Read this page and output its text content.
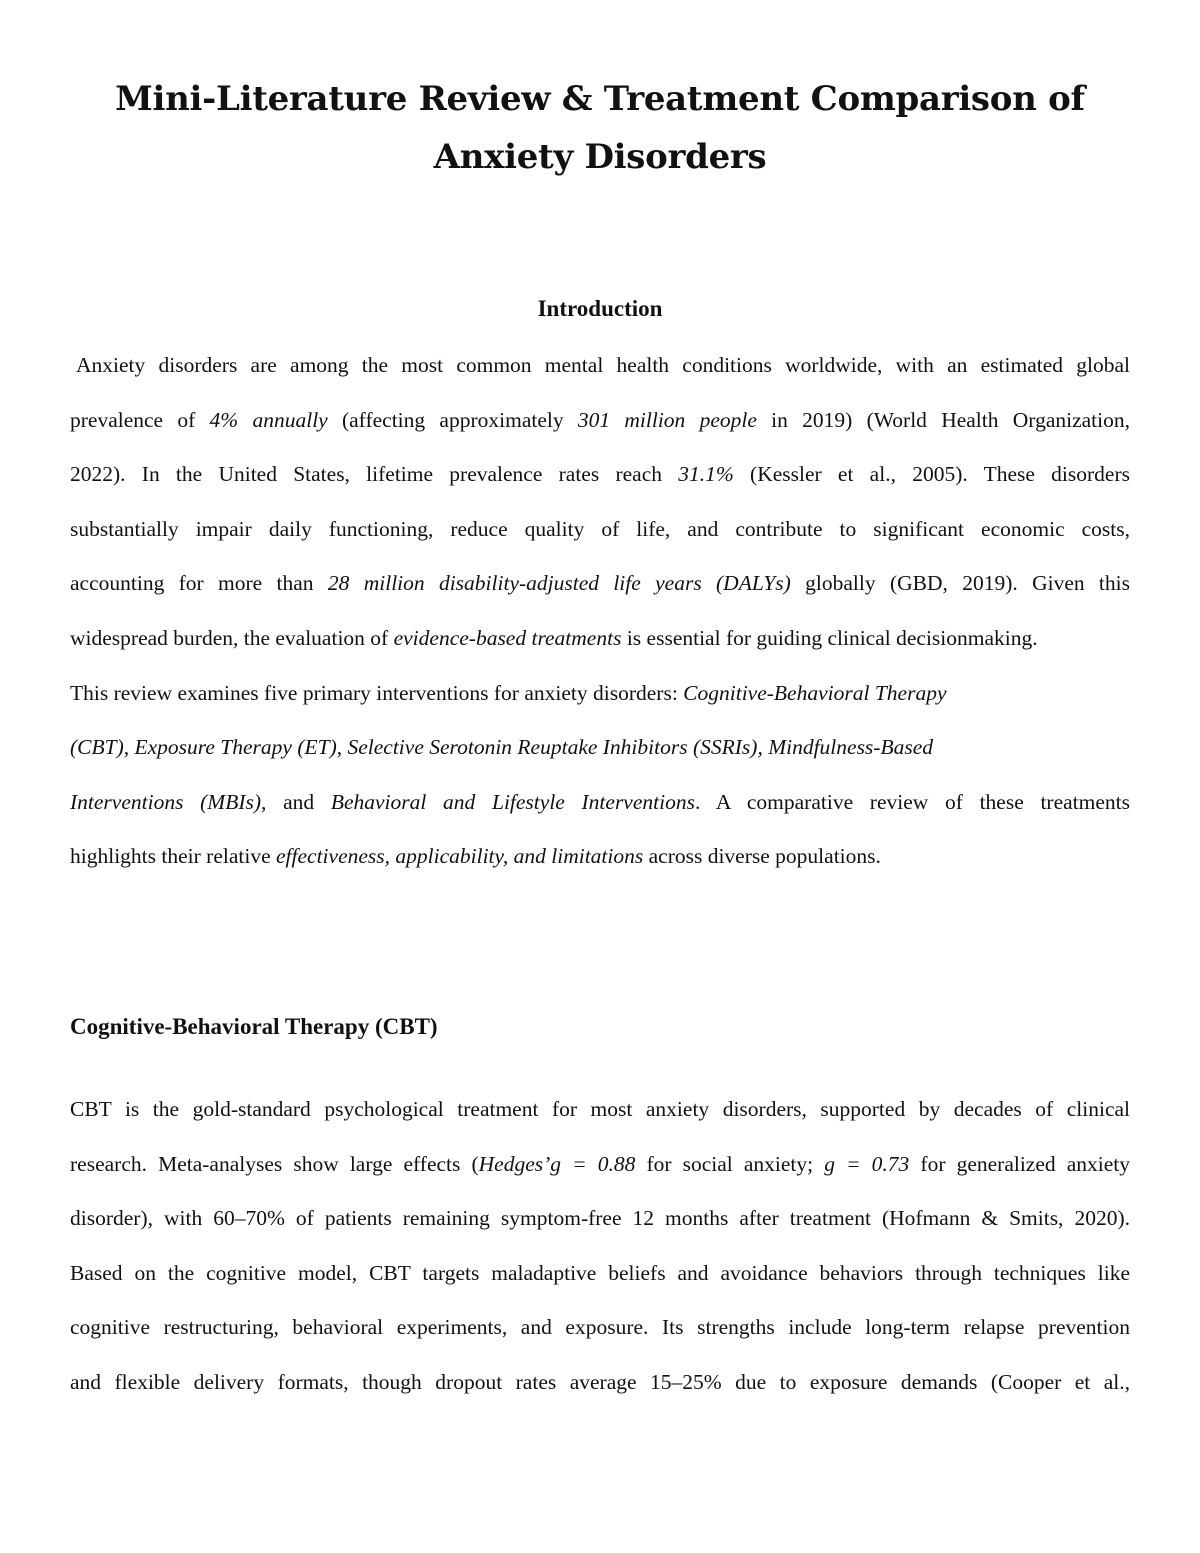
Mini-Literature Review & Treatment Comparison of Anxiety Disorders
Introduction
Anxiety disorders are among the most common mental health conditions worldwide, with an estimated global
prevalence of 4% annually (affecting approximately 301 million people in 2019) (World Health Organization,
2022). In the United States, lifetime prevalence rates reach 31.1% (Kessler et al., 2005). These disorders
substantially impair daily functioning, reduce quality of life, and contribute to significant economic costs,
accounting for more than 28 million disability-adjusted life years (DALYs) globally (GBD, 2019). Given this
widespread burden, the evaluation of evidence-based treatments is essential for guiding clinical decisionmaking.
This review examines five primary interventions for anxiety disorders: Cognitive-Behavioral Therapy
(CBT), Exposure Therapy (ET), Selective Serotonin Reuptake Inhibitors (SSRIs), Mindfulness-Based
Interventions (MBIs), and Behavioral and Lifestyle Interventions. A comparative review of these treatments
highlights their relative effectiveness, applicability, and limitations across diverse populations.
Cognitive-Behavioral Therapy (CBT)
CBT is the gold-standard psychological treatment for most anxiety disorders, supported by decades of clinical
research. Meta-analyses show large effects (Hedges’g = 0.88 for social anxiety; g = 0.73 for generalized anxiety
disorder), with 60–70% of patients remaining symptom-free 12 months after treatment (Hofmann & Smits, 2020).
Based on the cognitive model, CBT targets maladaptive beliefs and avoidance behaviors through techniques like
cognitive restructuring, behavioral experiments, and exposure. Its strengths include long-term relapse prevention
and flexible delivery formats, though dropout rates average 15–25% due to exposure demands (Cooper et al.,
